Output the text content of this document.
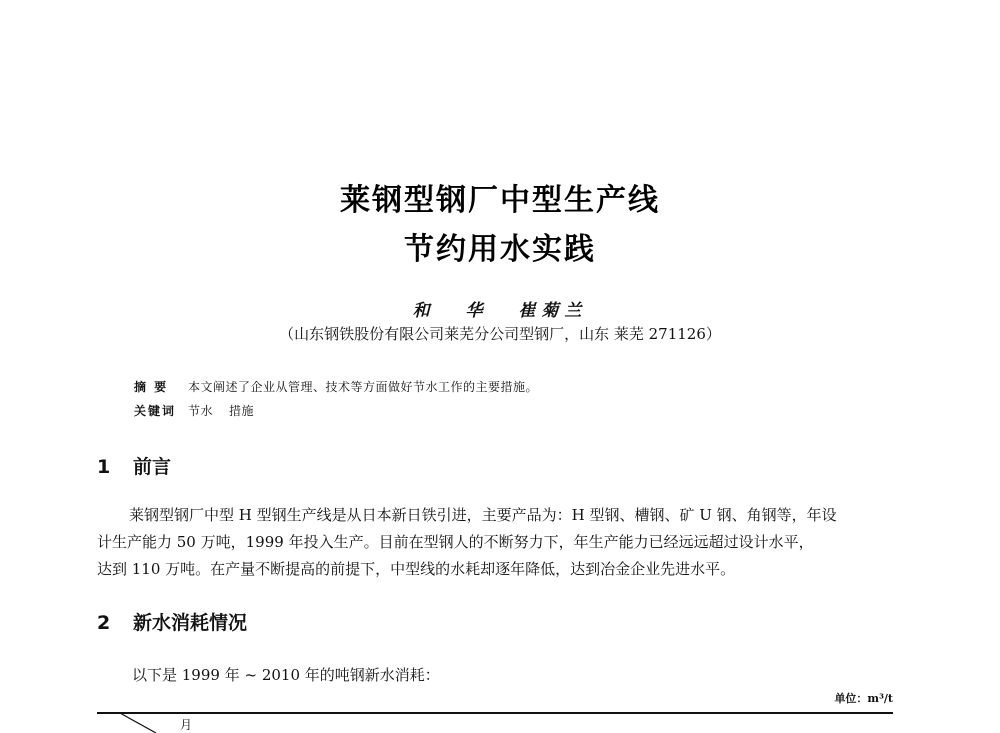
莱钢型钢厂中型生产线
节约用水实践
和 华 崔菊兰
（山东钢铁股份有限公司莱芜分公司型钢厂，山东 莱芜 271126）
摘 要	本文阐述了企业从管理、技术等方面做好节水工作的主要措施。
关键词 节水 措施
1	前言
莱钢型钢厂中型 H 型钢生产线是从日本新日铁引进，主要产品为：H 型钢、槽钢、矿 U 钢、角钢等，年设
计生产能力 50 万吨，1999 年投入生产。目前在型钢人的不断努力下，年生产能力已经远远超过设计水平，
达到 110 万吨。在产量不断提高的前提下，中型线的水耗却逐年降低，达到冶金企业先进水平。
2	新水消耗情况
以下是 1999 年 ~ 2010 年的吨钢新水消耗：
单位：m³/t
月
